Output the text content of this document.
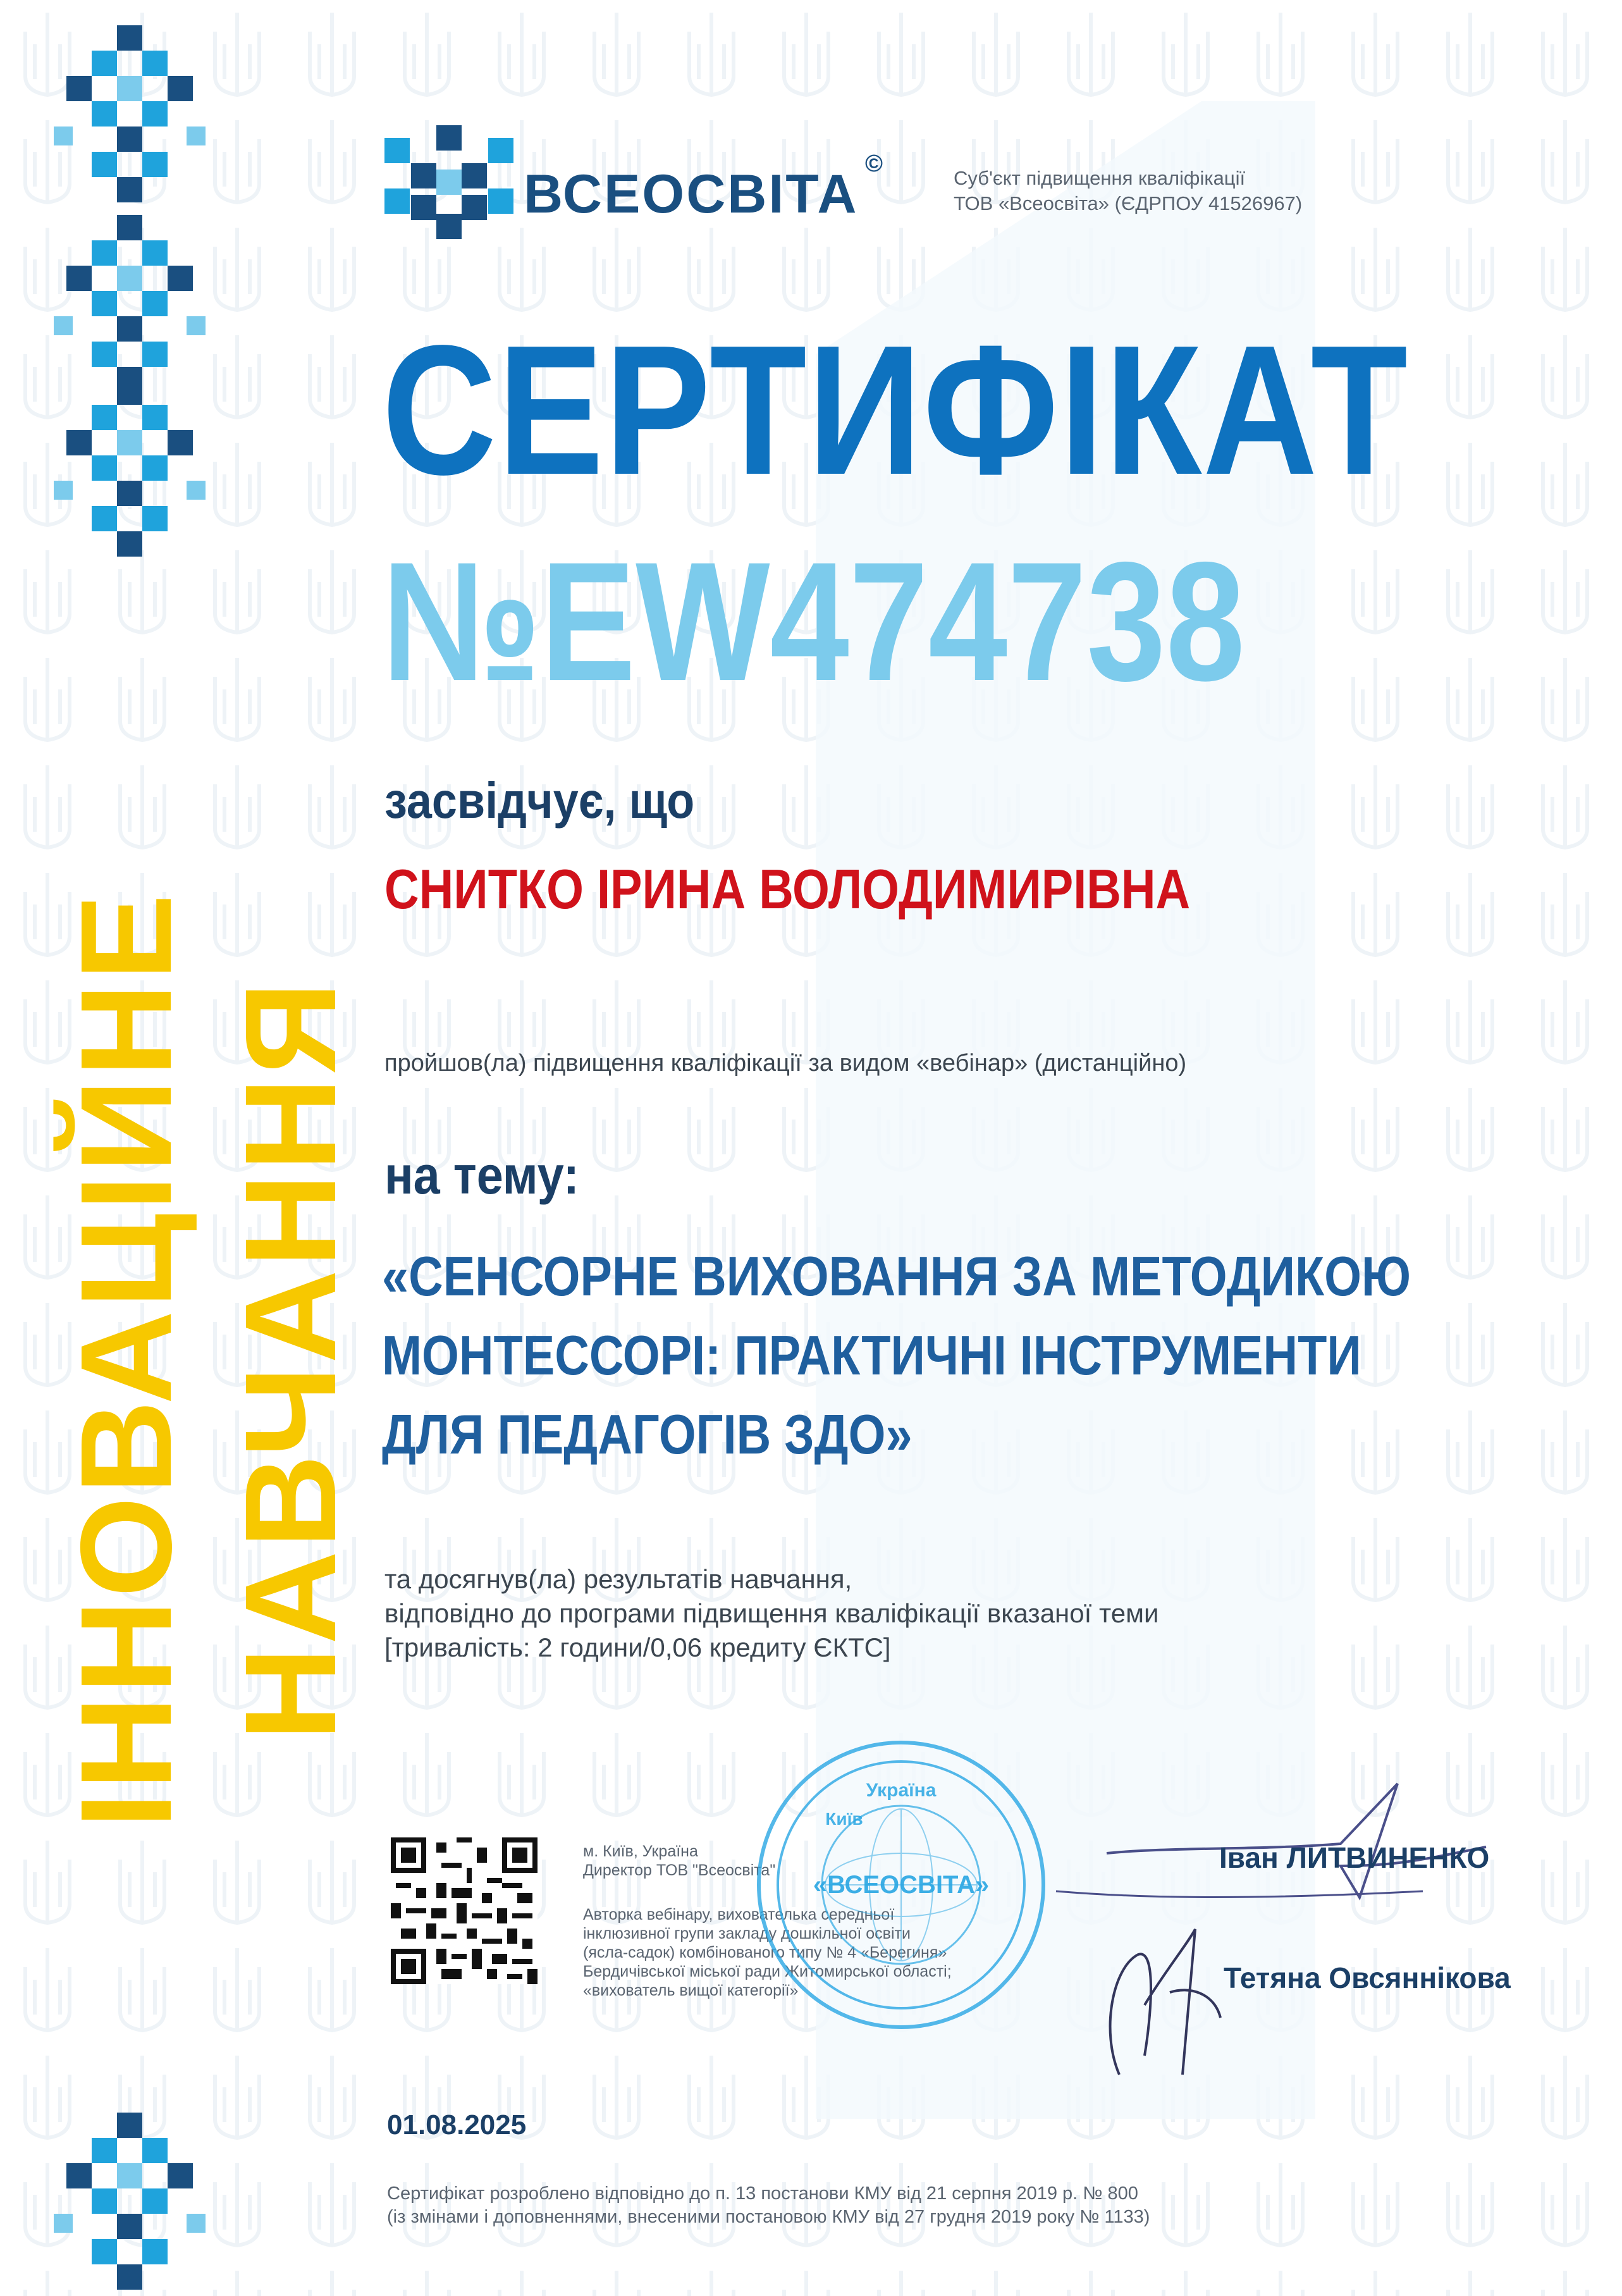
ІННОВАЦІЙНЕ НАВЧАННЯ
ВСЕОСВІТА ©
Суб'єкт підвищення кваліфікації
ТОВ «Всеосвіта» (ЄДРПОУ 41526967)
СЕРТИФІКАТ
№EW474738
засвідчує, що
СНИТКО ІРИНА ВОЛОДИМИРІВНА
пройшов(ла) підвищення кваліфікації за видом «вебінар» (дистанційно)
на тему:
«СЕНСОРНЕ ВИХОВАННЯ ЗА МЕТОДИКОЮ
МОНТЕССОРІ: ПРАКТИЧНІ ІНСТРУМЕНТИ
ДЛЯ ПЕДАГОГІВ ЗДО»
та досягнув(ла) результатів навчання,
відповідно до програми підвищення кваліфікації вказаної теми
[тривалість: 2 години/0,06 кредиту ЄКТС]
м. Київ, Україна
Директор ТОВ "Всеосвіта"
Авторка вебінару, вихователька середньої
інклюзивної групи закладу дошкільної освіти
(ясла-садок) комбінованого типу № 4 «Берегиня»
Бердичівської міської ради Житомирської області;
«вихователь вищої категорії»
Україна
Київ
«ВСЕОСВІТА»
Іван ЛИТВИНЕНКО
Тетяна Овсяннікова
01.08.2025
Сертифікат розроблено відповідно до п. 13 постанови КМУ від 21 серпня 2019 р. № 800
(із змінами і доповненнями, внесеними постановою КМУ від 27 грудня 2019 року № 1133)
